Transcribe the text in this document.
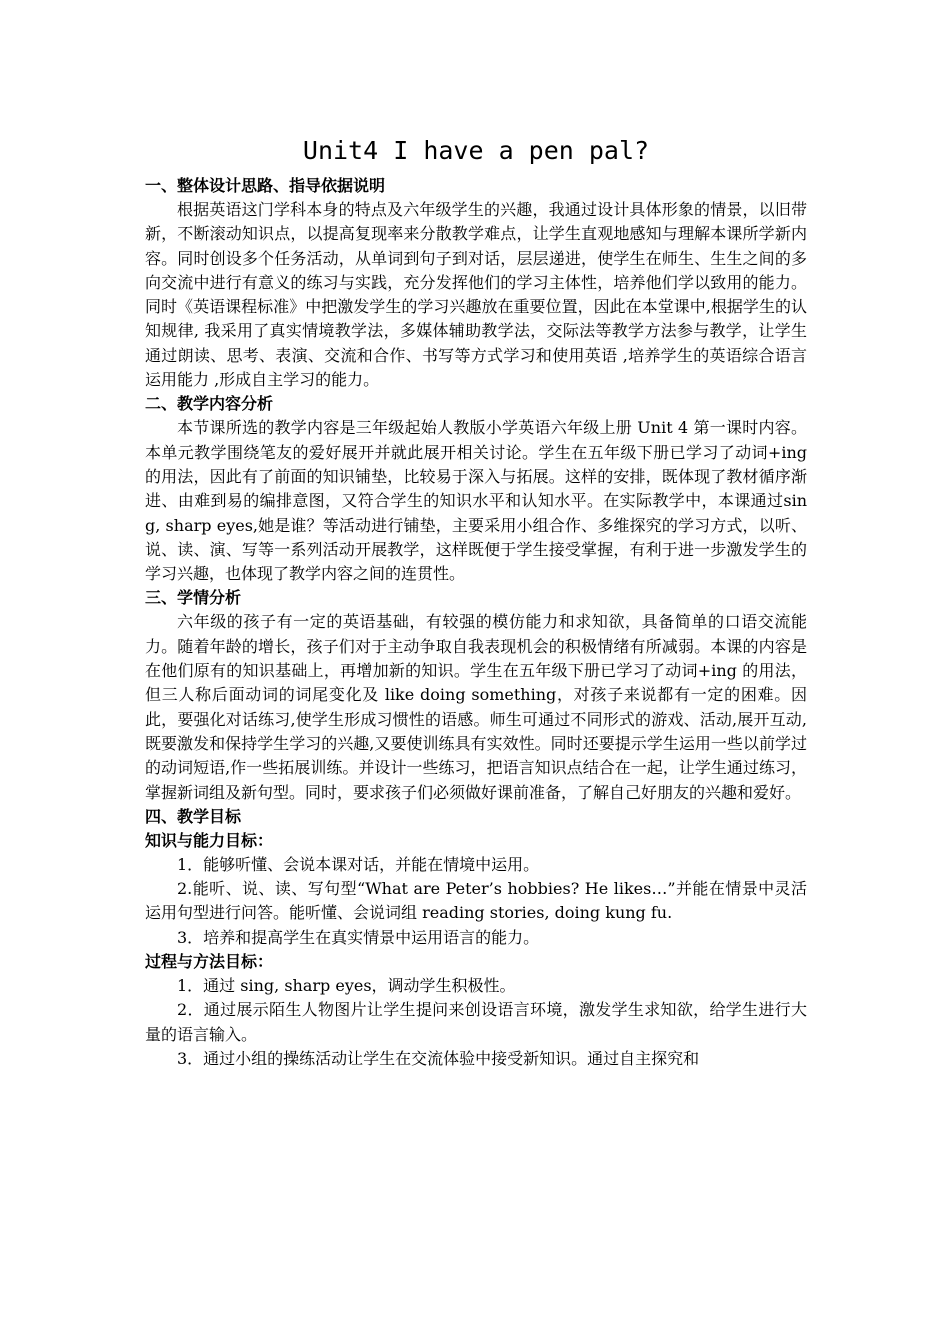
Unit4 I have a pen pal?
一、整体设计思路、指导依据说明

根据英语这门学科本身的特点及六年级学生的兴趣，我通过设计具体形象的情景，以旧带新，不断滚动知识点，以提高复现率来分散教学难点，让学生直观地感知与理解本课所学新内容。同时创设多个任务活动，从单词到句子到对话，层层递进，使学生在师生、生生之间的多向交流中进行有意义的练习与实践，充分发挥他们的学习主体性，培养他们学以致用的能力。同时《英语课程标准》中把激发学生的学习兴趣放在重要位置，因此在本堂课中,根据学生的认知规律, 我采用了真实情境教学法，多媒体辅助教学法，交际法等教学方法参与教学，让学生通过朗读、思考、表演、交流和合作、书写等方式学习和使用英语 ,培养学生的英语综合语言运用能力 ,形成自主学习的能力。

二、教学内容分析

本节课所选的教学内容是三年级起始人教版小学英语六年级上册 Unit 4 第一课时内容。本单元教学围绕笔友的爱好展开并就此展开相关讨论。学生在五年级下册已学习了动词+ing的用法，因此有了前面的知识铺垫，比较易于深入与拓展。这样的安排，既体现了教材循序渐进、由难到易的编排意图，又符合学生的知识水平和认知水平。在实际教学中，本课通过sing, sharp eyes,她是谁？等活动进行铺垫，主要采用小组合作、多维探究的学习方式，以听、说、读、演、写等一系列活动开展教学，这样既便于学生接受掌握，有利于进一步激发学生的学习兴趣，也体现了教学内容之间的连贯性。

三、学情分析

六年级的孩子有一定的英语基础，有较强的模仿能力和求知欲，具备简单的口语交流能力。随着年龄的增长，孩子们对于主动争取自我表现机会的积极情绪有所减弱。本课的内容是在他们原有的知识基础上，再增加新的知识。学生在五年级下册已学习了动词+ing 的用法， 但三人称后面动词的词尾变化及 like doing something，对孩子来说都有一定的困难。因此，要强化对话练习,使学生形成习惯性的语感。师生可通过不同形式的游戏、活动,展开互动,既要激发和保持学生学习的兴趣,又要使训练具有实效性。同时还要提示学生运用一些以前学过的动词短语,作一些拓展训练。并设计一些练习，把语言知识点结合在一起，让学生通过练习，掌握新词组及新句型。同时，要求孩子们必须做好课前准备，了解自己好朋友的兴趣和爱好。

四、教学目标
知识与能力目标：

1．能够听懂、会说本课对话，并能在情境中运用。

2.能听、说、读、写句型“What are Peter’s hobbies? He likes…”并能在情景中灵活运用句型进行问答。能听懂、会说词组 reading stories, doing kung fu.

3．培养和提高学生在真实情景中运用语言的能力。

过程与方法目标：

1．通过 sing, sharp eyes，调动学生积极性。

2．通过展示陌生人物图片让学生提问来创设语言环境，激发学生求知欲，给学生进行大量的语言输入。

3．通过小组的操练活动让学生在交流体验中接受新知识。通过自主探究和
